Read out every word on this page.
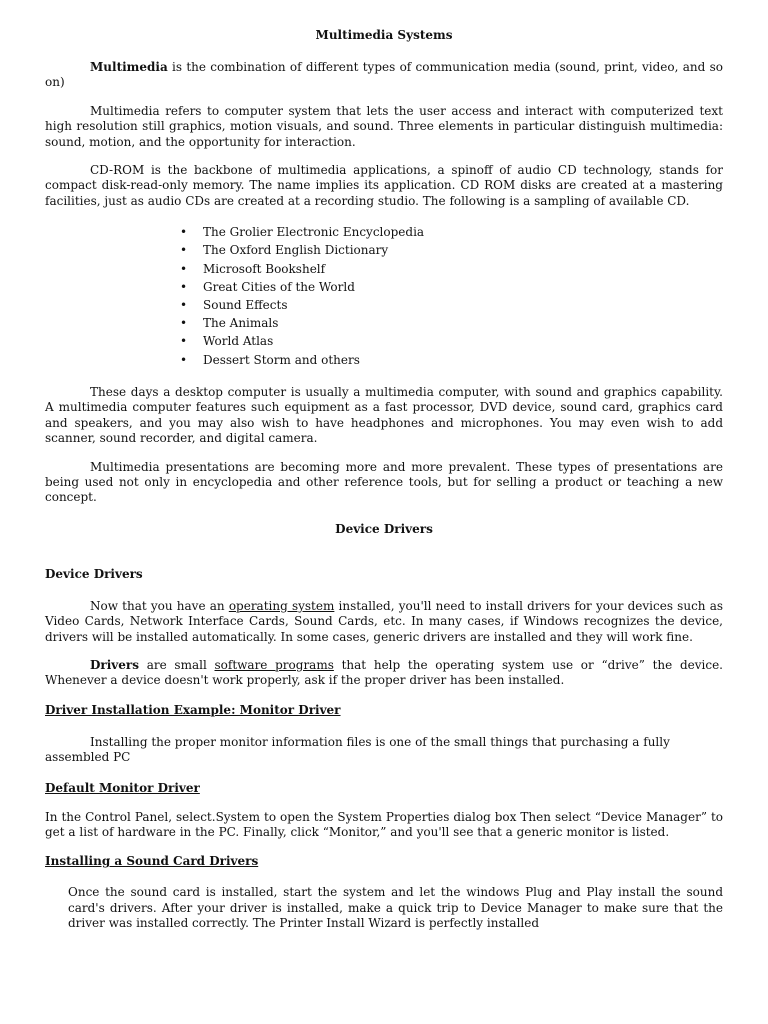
Multimedia Systems

Multimedia is the combination of different types of communication media (sound, print, video, and so on)

Multimedia refers to computer system that lets the user access and interact with computerized text high resolution still graphics, motion visuals, and sound. Three elements in particular distinguish multimedia: sound, motion, and the opportunity for interaction.

CD-ROM is the backbone of multimedia applications, a spinoff of audio CD technology, stands for compact disk-read-only memory. The name implies its application. CD ROM disks are created at a mastering facilities, just as audio CDs are created at a recording studio. The following is a sampling of available CD.

• The Grolier Electronic Encyclopedia
• The Oxford English Dictionary
• Microsoft Bookshelf
• Great Cities of the World
• Sound Effects
• The Animals
• World Atlas
• Dessert Storm and others

These days a desktop computer is usually a multimedia computer, with sound and graphics capability. A multimedia computer features such equipment as a fast processor, DVD device, sound card, graphics card and speakers, and you may also wish to have headphones and microphones. You may even wish to add scanner, sound recorder, and digital camera.

Multimedia presentations are becoming more and more prevalent. These types of presentations are being used not only in encyclopedia and other reference tools, but for selling a product or teaching a new concept.

Device Drivers

Device Drivers

Now that you have an operating system installed, you'll need to install drivers for your devices such as Video Cards, Network Interface Cards, Sound Cards, etc. In many cases, if Windows recognizes the device, drivers will be installed automatically. In some cases, generic drivers are installed and they will work fine.

Drivers are small software programs that help the operating system use or “drive” the device. Whenever a device doesn't work properly, ask if the proper driver has been installed.

Driver Installation Example: Monitor Driver

Installing the proper monitor information files is one of the small things that purchasing a fully assembled PC

Default Monitor Driver

In the Control Panel, select.System to open the System Properties dialog box Then select “Device Manager” to get a list of hardware in the PC. Finally, click “Monitor,” and you'll see that a generic monitor is listed.

Installing a Sound Card Drivers

Once the sound card is installed, start the system and let the windows Plug and Play install the sound card's drivers. After your driver is installed, make a quick trip to Device Manager to make sure that the driver was installed correctly. The Printer Install Wizard is perfectly installed
